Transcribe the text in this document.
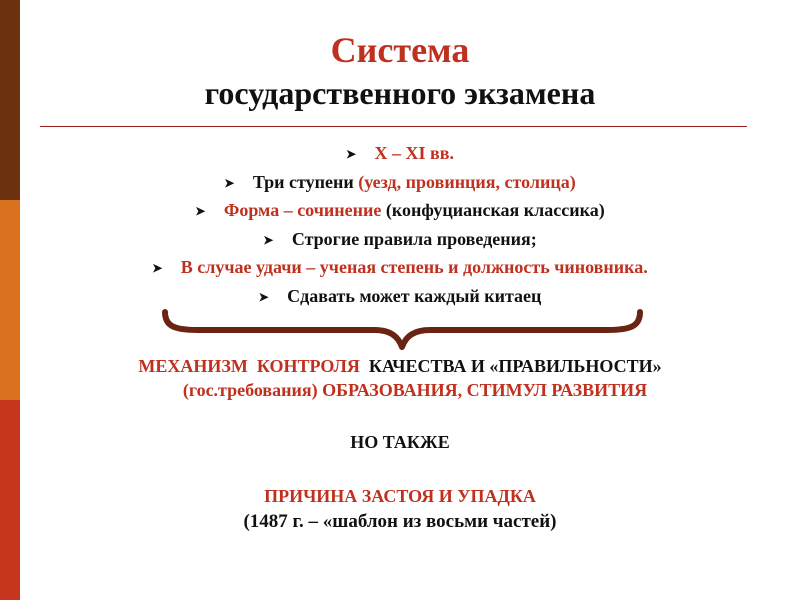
Система
государственного экзамена
➤ X – XI вв.
➤ Три ступени (уезд, провинция, столица)
➤ Форма – сочинение (конфуцианская классика)
➤ Строгие правила проведения;
➤ В случае удачи – ученая степень и должность чиновника.
➤ Сдавать может каждый китаец
МЕХАНИЗМ  КОНТРОЛЯ  КАЧЕСТВА И «ПРАВИЛЬНОСТИ»
(гос.требования) ОБРАЗОВАНИЯ, СТИМУЛ РАЗВИТИЯ
НО ТАКЖЕ
ПРИЧИНА ЗАСТОЯ И УПАДКА
(1487 г. – «шаблон из восьми частей)
